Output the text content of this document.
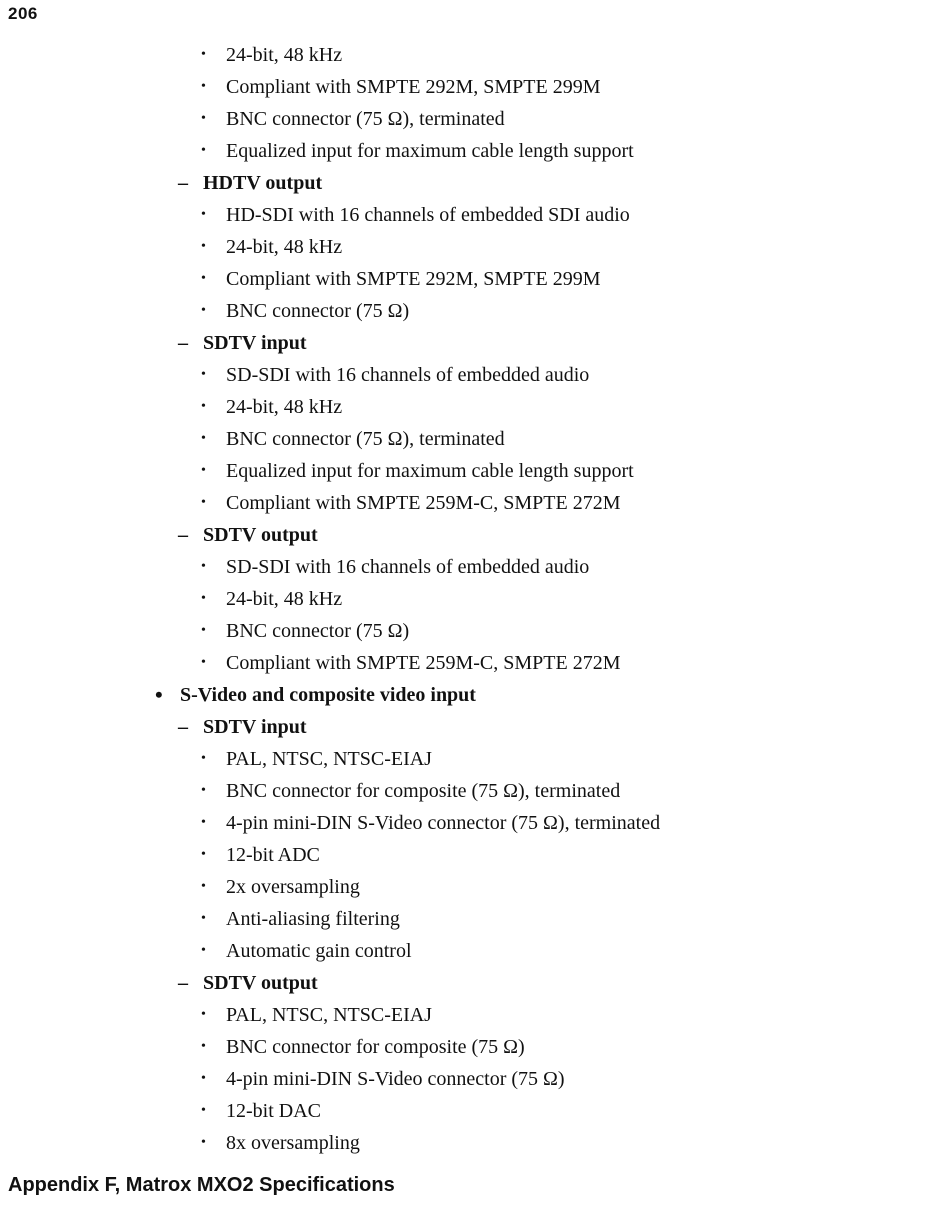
206
• 24-bit, 48 kHz
• Compliant with SMPTE 292M, SMPTE 299M
• BNC connector (75 Ω), terminated
• Equalized input for maximum cable length support
– HDTV output
• HD-SDI with 16 channels of embedded SDI audio
• 24-bit, 48 kHz
• Compliant with SMPTE 292M, SMPTE 299M
• BNC connector (75 Ω)
– SDTV input
• SD-SDI with 16 channels of embedded audio
• 24-bit, 48 kHz
• BNC connector (75 Ω), terminated
• Equalized input for maximum cable length support
• Compliant with SMPTE 259M-C, SMPTE 272M
– SDTV output
• SD-SDI with 16 channels of embedded audio
• 24-bit, 48 kHz
• BNC connector (75 Ω)
• Compliant with SMPTE 259M-C, SMPTE 272M
• S-Video and composite video input
– SDTV input
• PAL, NTSC, NTSC-EIAJ
• BNC connector for composite (75 Ω), terminated
• 4-pin mini-DIN S-Video connector (75 Ω), terminated
• 12-bit ADC
• 2x oversampling
• Anti-aliasing filtering
• Automatic gain control
– SDTV output
• PAL, NTSC, NTSC-EIAJ
• BNC connector for composite (75 Ω)
• 4-pin mini-DIN S-Video connector (75 Ω)
• 12-bit DAC
• 8x oversampling
Appendix F, Matrox MXO2 Specifications
